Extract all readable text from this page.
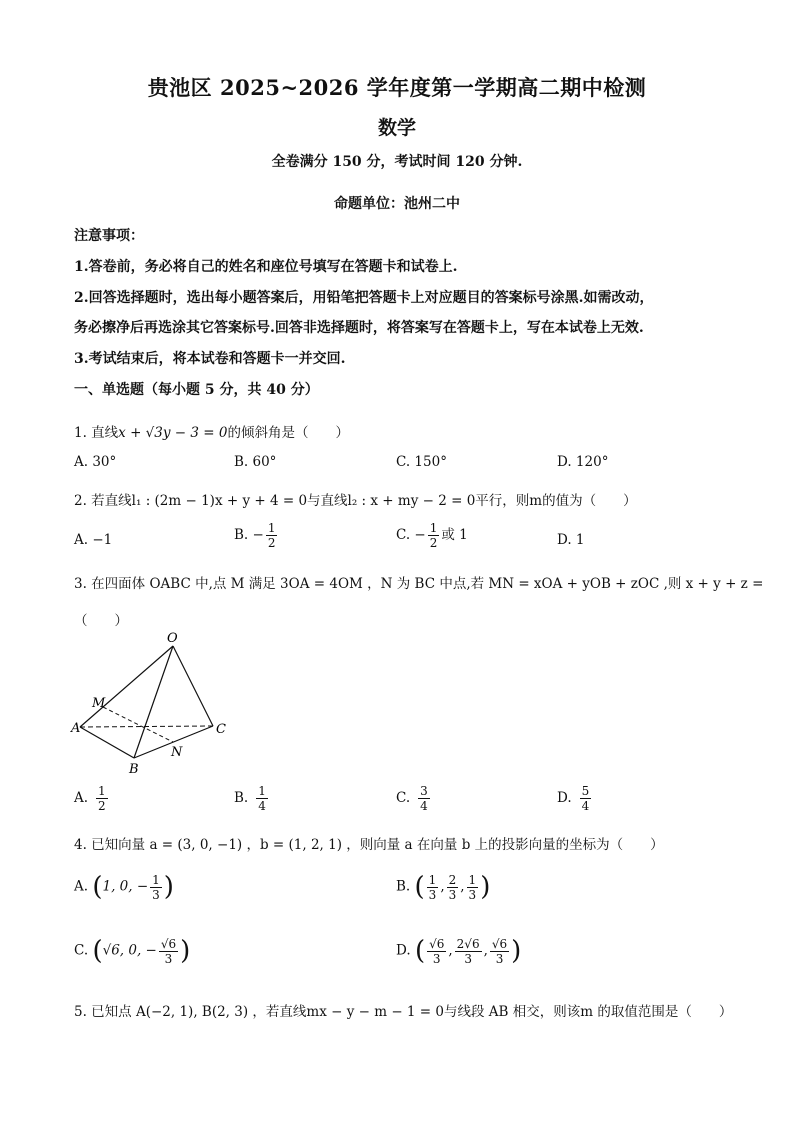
贵池区 2025~2026 学年度第一学期高二期中检测
数学
全卷满分 150 分，考试时间 120 分钟.
命题单位：池州二中
注意事项：
1.答卷前，务必将自己的姓名和座位号填写在答题卡和试卷上.
2.回答选择题时，选出每小题答案后，用铅笔把答题卡上对应题目的答案标号涂黑.如需改动，
务必擦净后再选涂其它答案标号.回答非选择题时，将答案写在答题卡上，写在本试卷上无效.
3.考试结束后，将本试卷和答题卡一并交回.
一、单选题（每小题 5 分，共 40 分）
1. 直线x + √3y − 3 = 0的倾斜角是（　　）
A. 30°	B. 60°	C. 150°	D. 120°
2. 若直线l₁ : (2m − 1)x + y + 4 = 0与直线l₂ : x + my − 2 = 0平行，则m的值为（　　）
A. −1	B. − $\frac{1}{2}$	C. − $\frac{1}{2}$ 或 1	D. 1
3. 在四面体 OABC 中,点 M 满足 3OA = 4OM ，N 为 BC 中点,若 MN = xOA + yOB + zOC ,则 x + y + z =
（　　）
O
A
B
C
M
N
A. $\frac{1}{2}$	B. $\frac{1}{4}$	C. $\frac{3}{4}$	D. $\frac{5}{4}$
4. 已知向量 a = (3, 0, −1) ，b = (1, 2, 1) ，则向量 a 在向量 b 上的投影向量的坐标为（　　）
A. (1, 0, − $\frac{1}{3}$ )	B. ( $\frac{1}{3}$ , $\frac{2}{3}$ , $\frac{1}{3}$ )
C. (√6, 0, − $\frac{√6}{3}$ )	D. ( $\frac{√6}{3}$ , $\frac{2√6}{3}$ , $\frac{√6}{3}$ )
5. 已知点 A(−2, 1), B(2, 3) ，若直线mx − y − m − 1 = 0与线段 AB 相交，则该m 的取值范围是（　　）
